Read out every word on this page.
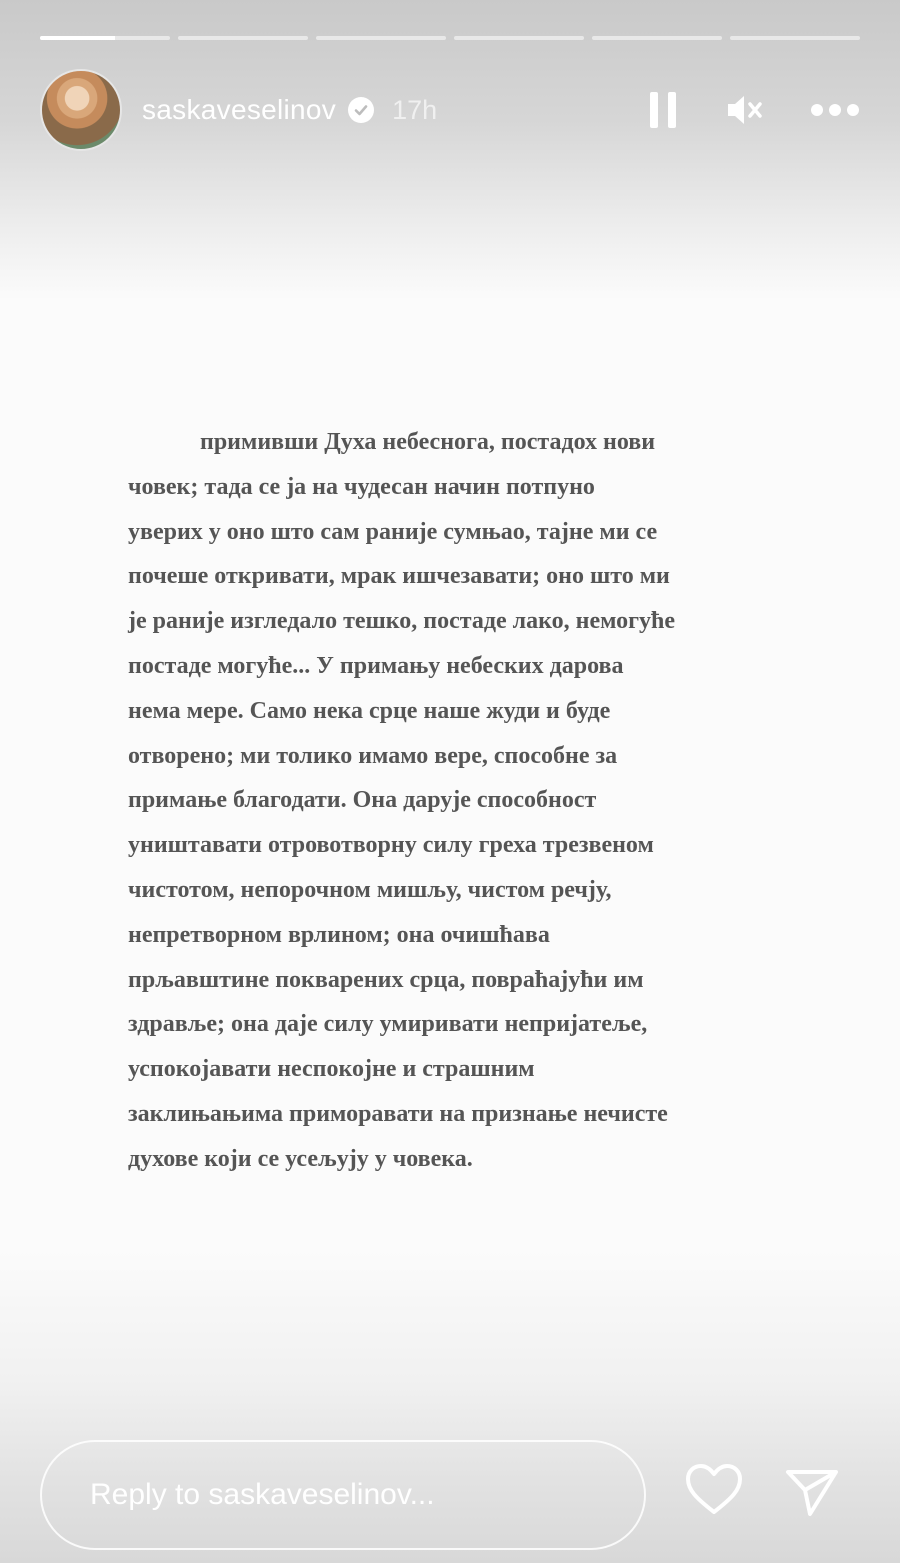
saskaveselinov 17h
примивши Духа небеснога, постадох нови
човек; тада се ја на чудесан начин потпуно
уверих у оно што сам раније сумњао, тајне ми се
почеше откривати, мрак ишчезавати; оно што ми
је раније изгледало тешко, постаде лако, немогуће
постаде могуће... У примању небеских дарова
нема мере. Само нека срце наше жуди и буде
отворено; ми толико имамо вере, способне за
примање благодати. Она дарује способност
уништавати отровотворну силу греха трезвеном
чистотом, непорочном мишљу, чистом речју,
непретворном врлином; она очишћава
прљавштине покварених срца, повраћајући им
здравље; она даје силу умиривати непријатеље,
успокојавати неспокојне и страшним
заклињањима приморавати на признање нечисте
духове који се усељују у човека.
Reply to saskaveselinov...
